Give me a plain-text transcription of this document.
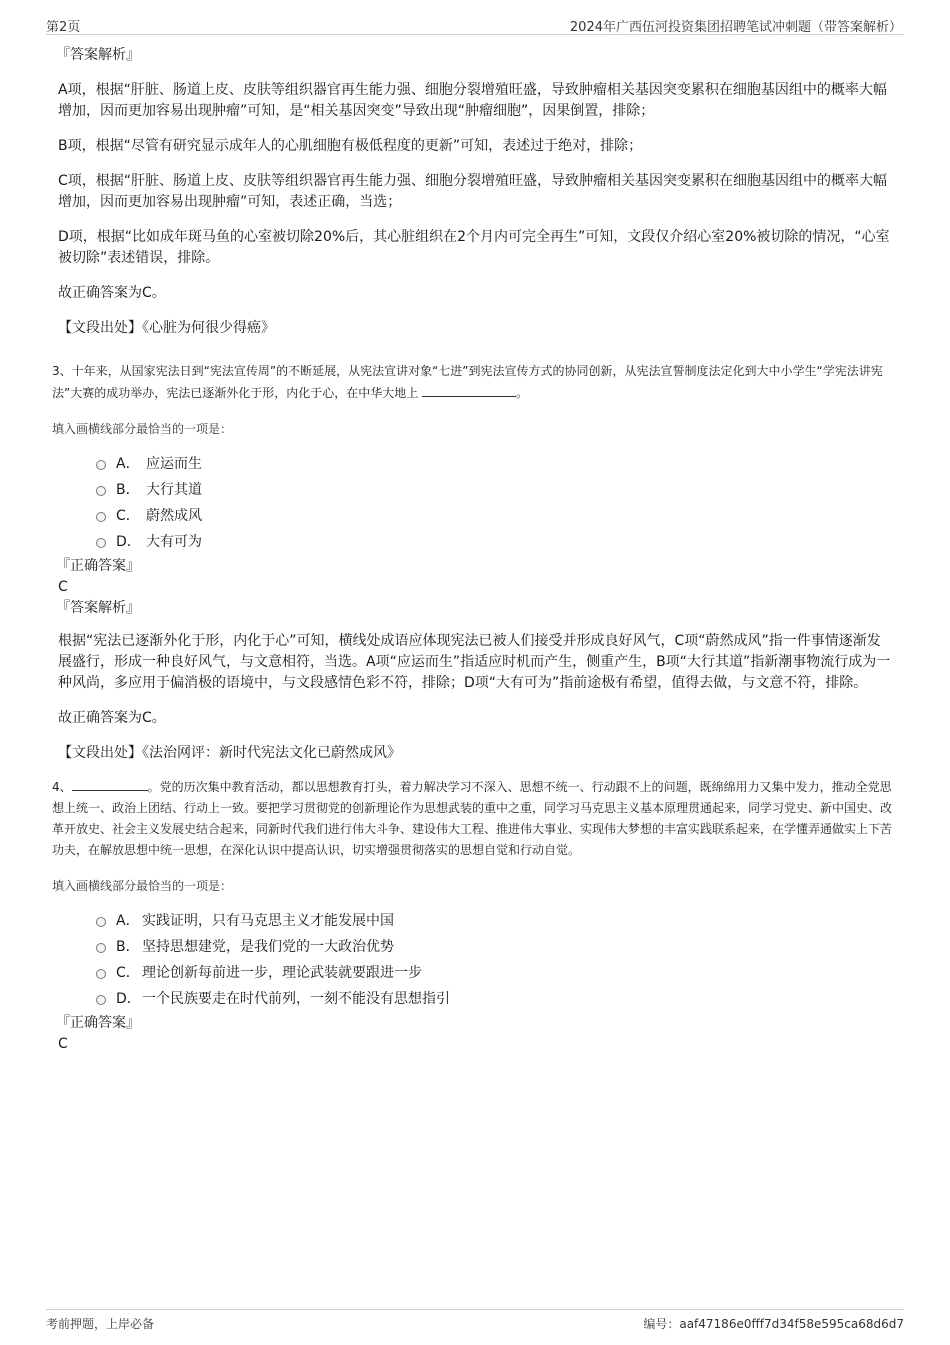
第2页	2024年广西伍河投资集团招聘笔试冲刺题（带答案解析）

『答案解析』

A项，根据“肝脏、肠道上皮、皮肤等组织器官再生能力强、细胞分裂增殖旺盛，导致肿瘤相关基因突变累积在细胞基因组中的概率大幅增加，因而更加容易出现肿瘤”可知，是“相关基因突变”导致出现“肿瘤细胞”，因果倒置，排除；

B项，根据“尽管有研究显示成年人的心肌细胞有极低程度的更新”可知，表述过于绝对，排除；

C项，根据“肝脏、肠道上皮、皮肤等组织器官再生能力强、细胞分裂增殖旺盛，导致肿瘤相关基因突变累积在细胞基因组中的概率大幅增加，因而更加容易出现肿瘤”可知，表述正确，当选；

D项，根据“比如成年斑马鱼的心室被切除20%后，其心脏组织在2个月内可完全再生”可知，文段仅介绍心室20%被切除的情况，“心室被切除”表述错误，排除。

故正确答案为C。

【文段出处】《心脏为何很少得癌》

3、十年来，从国家宪法日到“宪法宣传周”的不断延展，从宪法宣讲对象“七进”到宪法宣传方式的协同创新，从宪法宣誓制度法定化到大中小学生“学宪法讲宪法”大赛的成功举办，宪法已逐渐外化于形，内化于心，在中华大地上	。

填入画横线部分最恰当的一项是：

A． 应运而生
B． 大行其道
C． 蔚然成风
D． 大有可为

『正确答案』

C

『答案解析』

根据“宪法已逐渐外化于形，内化于心”可知，横线处成语应体现宪法已被人们接受并形成良好风气，C项“蔚然成风”指一件事情逐渐发展盛行，形成一种良好风气，与文意相符，当选。A项“应运而生”指适应时机而产生，侧重产生，B项“大行其道”指新潮事物流行成为一种风尚，多应用于偏消极的语境中，与文段感情色彩不符，排除；D项“大有可为”指前途极有希望，值得去做，与文意不符，排除。

故正确答案为C。

【文段出处】《法治网评：新时代宪法文化已蔚然成风》

4、	。党的历次集中教育活动，都以思想教育打头，着力解决学习不深入、思想不统一、行动跟不上的问题，既绵绵用力又集中发力，推动全党思想上统一、政治上团结、行动上一致。要把学习贯彻党的创新理论作为思想武装的重中之重，同学习马克思主义基本原理贯通起来，同学习党史、新中国史、改革开放史、社会主义发展史结合起来，同新时代我们进行伟大斗争、建设伟大工程、推进伟大事业、实现伟大梦想的丰富实践联系起来，在学懂弄通做实上下苦功夫，在解放思想中统一思想，在深化认识中提高认识，切实增强贯彻落实的思想自觉和行动自觉。

填入画横线部分最恰当的一项是：

A． 实践证明，只有马克思主义才能发展中国
B． 坚持思想建党，是我们党的一大政治优势
C． 理论创新每前进一步，理论武装就要跟进一步
D． 一个民族要走在时代前列，一刻不能没有思想指引

『正确答案』

C

考前押题，上岸必备	编号：aaf47186e0fff7d34f58e595ca68d6d7
